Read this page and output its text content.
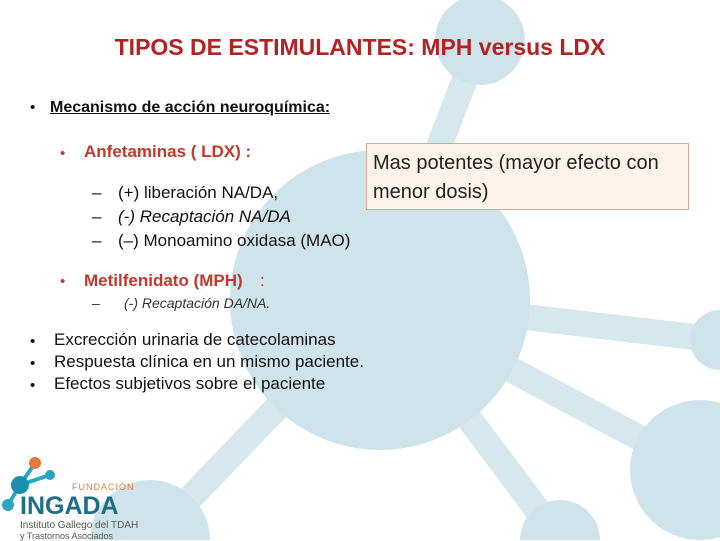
TIPOS DE ESTIMULANTES: MPH versus LDX
• Mecanismo de acción neuroquímica:
• Anfetaminas ( LDX) :
– (+) liberación NA/DA,
– (-) Recaptación NA/DA
– (–) Monoamino oxidasa (MAO)
Mas potentes (mayor efecto con menor dosis)
• Metilfenidato (MPH) :
– (-) Recaptación DA/NA.
• Excrección urinaria de catecolaminas
• Respuesta clínica en un mismo paciente.
• Efectos subjetivos sobre el paciente
FUNDACIÓN
INGADA
Instituto Gallego del TDAH
y Trastornos Asociados
